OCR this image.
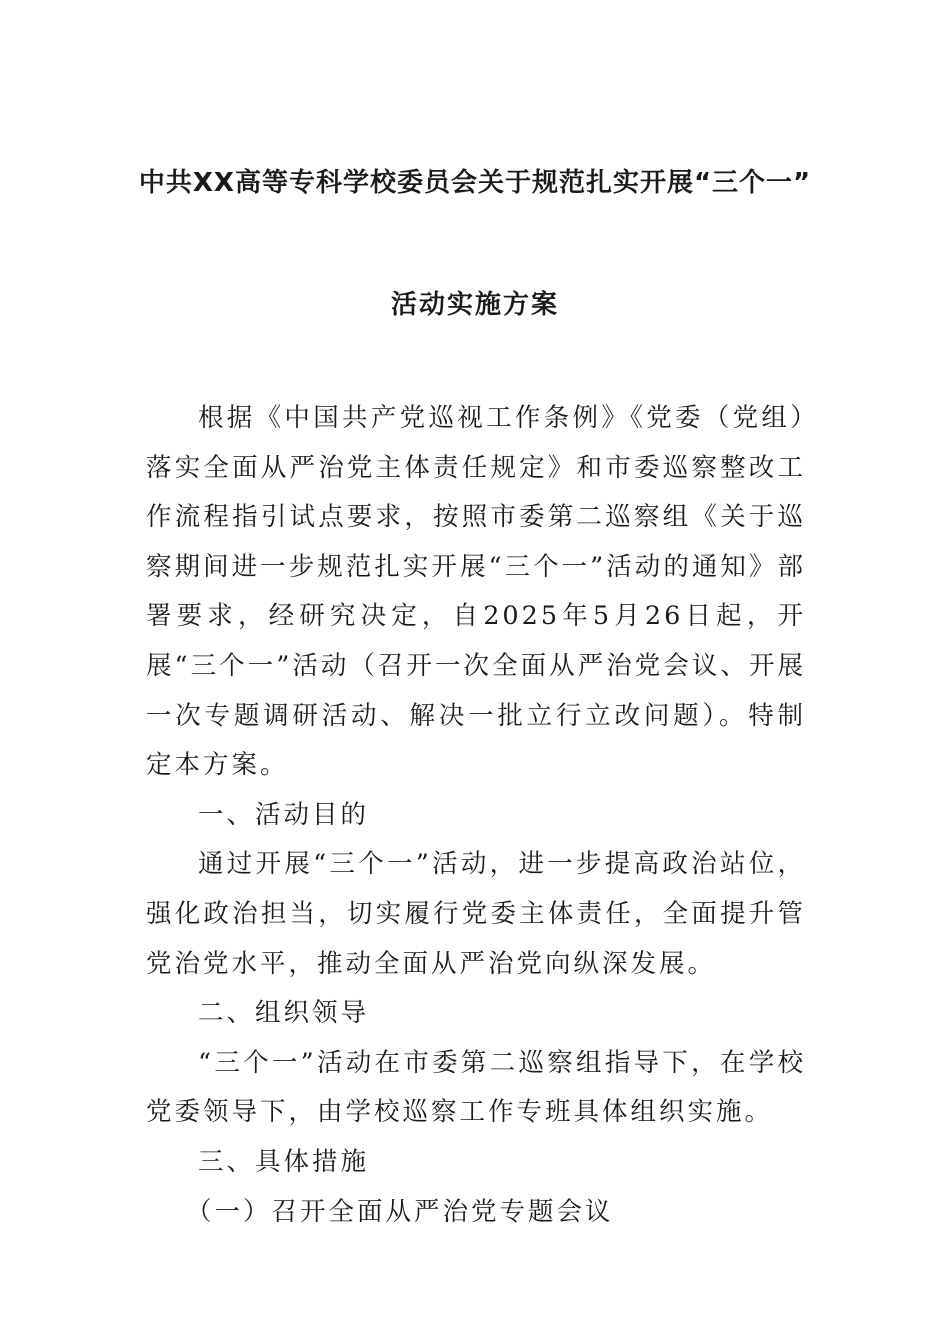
中共XX高等专科学校委员会关于规范扎实开展“三个一”
活动实施方案

根据《中国共产党巡视工作条例》《党委（党组）落实全面从严治党主体责任规定》和市委巡察整改工作流程指引试点要求，按照市委第二巡察组《关于巡察期间进一步规范扎实开展“三个一”活动的通知》部署要求，经研究决定，自2025年5月26日起，开展“三个一”活动（召开一次全面从严治党会议、开展一次专题调研活动、解决一批立行立改问题）。特制定本方案。

一、活动目的

通过开展“三个一”活动，进一步提高政治站位，强化政治担当，切实履行党委主体责任，全面提升管党治党水平，推动全面从严治党向纵深发展。

二、组织领导

“三个一”活动在市委第二巡察组指导下，在学校党委领导下，由学校巡察工作专班具体组织实施。

三、具体措施

（一）召开全面从严治党专题会议
